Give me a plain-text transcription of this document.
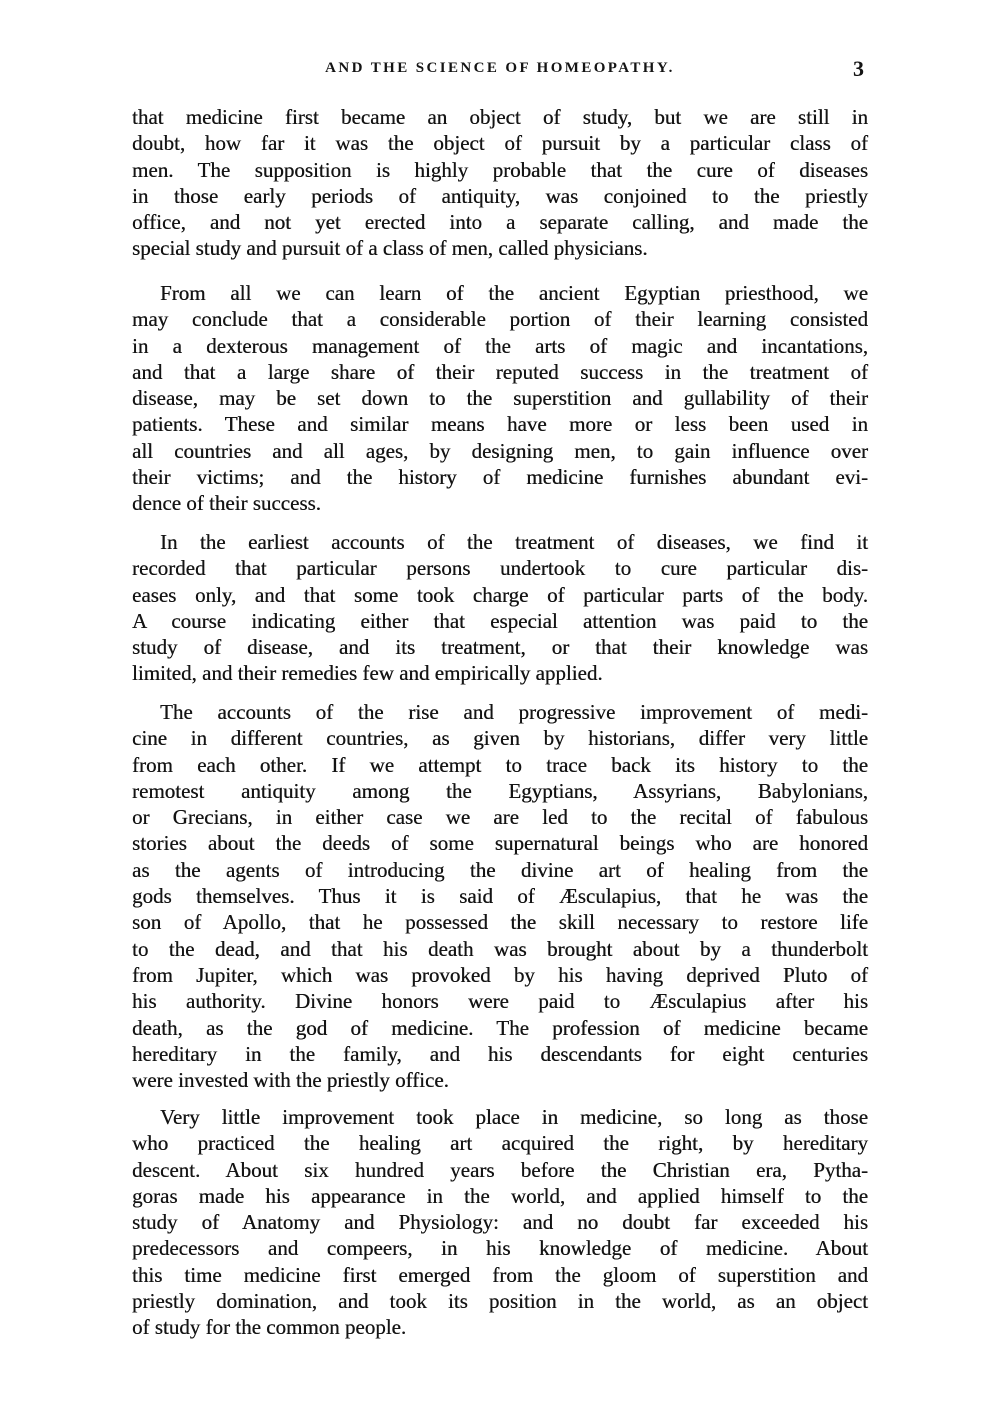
AND THE SCIENCE OF HOMEOPATHY.	3
that medicine first became an object of study, but we are still in
doubt, how far it was the object of pursuit by a particular class of
men. The supposition is highly probable that the cure of diseases
in those early periods of antiquity, was conjoined to the priestly
office, and not yet erected into a separate calling, and made the
special study and pursuit of a class of men, called physicians.
From all we can learn of the ancient Egyptian priesthood, we
may conclude that a considerable portion of their learning consisted
in a dexterous management of the arts of magic and incantations,
and that a large share of their reputed success in the treatment of
disease, may be set down to the superstition and gullability of their
patients. These and similar means have more or less been used in
all countries and all ages, by designing men, to gain influence over
their victims; and the history of medicine furnishes abundant evi-
dence of their success.
In the earliest accounts of the treatment of diseases, we find it
recorded that particular persons undertook to cure particular dis-
eases only, and that some took charge of particular parts of the body.
A course indicating either that especial attention was paid to the
study of disease, and its treatment, or that their knowledge was
limited, and their remedies few and empirically applied.
The accounts of the rise and progressive improvement of medi-
cine in different countries, as given by historians, differ very little
from each other. If we attempt to trace back its history to the
remotest antiquity among the Egyptians, Assyrians, Babylonians,
or Grecians, in either case we are led to the recital of fabulous
stories about the deeds of some supernatural beings who are honored
as the agents of introducing the divine art of healing from the
gods themselves. Thus it is said of Æsculapius, that he was the
son of Apollo, that he possessed the skill necessary to restore life
to the dead, and that his death was brought about by a thunderbolt
from Jupiter, which was provoked by his having deprived Pluto of
his authority. Divine honors were paid to Æsculapius after his
death, as the god of medicine. The profession of medicine became
hereditary in the family, and his descendants for eight centuries
were invested with the priestly office.
Very little improvement took place in medicine, so long as those
who practiced the healing art acquired the right, by hereditary
descent. About six hundred years before the Christian era, Pytha-
goras made his appearance in the world, and applied himself to the
study of Anatomy and Physiology: and no doubt far exceeded his
predecessors and compeers, in his knowledge of medicine. About
this time medicine first emerged from the gloom of superstition and
priestly domination, and took its position in the world, as an object
of study for the common people.
